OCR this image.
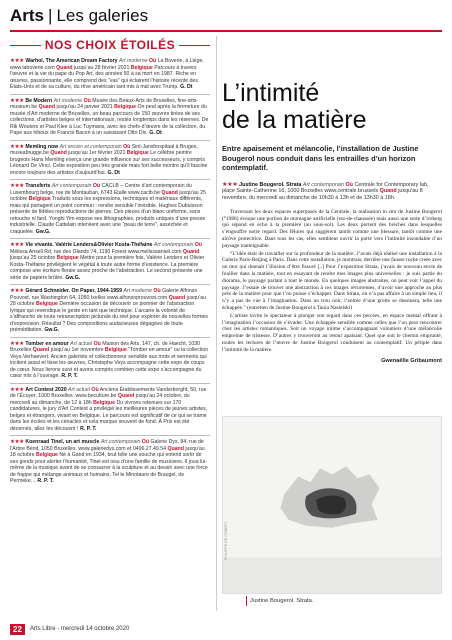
Arts | Les galeries
NOS CHOIX ÉTOILÉS
★★★ Warhol, The American Dream Factory Art moderne Où La Boverie, à Liège, www.laboverie.com Quand jusqu’au 28 février 2021 Belgique Parcours à travers l’œuvre et la vie du pape du Pop Art, des années 50 à sa mort en 1987. Riche en œuvres, passionnante, elle comprend des “vas” qui éclairent l’histoire récente des États-Unis et de sa culture, du rêve américain tant mis à mal avec Trump. G. Dt
★★★ Be Modern Art moderne Où Musée des Beaux-Arts de Bruxelles, fine-arts-museum.be Quand jusqu’au 24 janvier 2021 Belgique On peut après la fermeture du musée d’Art moderne de Bruxelles, un beau parcours de 150 œuvres tirées de ses collections, d’artistes belges et internationaux, restés longtemps dans les réserves. De Rik Wouters et Paul Klee à Luc Tuymans, avec les chefs-d’œuvre de la collection, du Pape aux hiboux de Francis Bacon à un saisissant Otto Dix. G. Dt
★★★ Memling now Art ancien et contemporain Où Sint-Janshospitaal à Bruges, museabrugge.be Quand jusqu’au 1er février 2021 Belgique Le célèbre peintre brugeois Hans Memling exerça une grande influence sur ses successeurs, y compris Léonard De Vinci. Cette exposition peu très grande mais fort belle montre qu’il fascine encore toujours des artistes d’aujourd’hui. G. Dt
★★★ Transferts Art contemporain Où CACLB – Centre d’art contemporain du Luxembourg belge, rue de Montauban, 6743 Étalle www.caclb.be Quand jusqu’au 25 octobre Belgique Traduits sous les expressions, techniques et matériaux différents, mais qui partagent un point commun : rendre sensible l’invisible. Hughes Dubuisson présente de fidèles reproductions de pierres. Des pièces d’un blanc uniforme, sans retouche ni fard. Yonghi Yim expose ses lithographies, produits uniques d’une presse industrielle. Claude Cattelain intervient avec une “peau de terre”, asséchée et craquelée. Gw.G.
★★★ Vie vivante. Valérie Lenders&Olivier Kosta-Théfaine Art contemporain Où Mélissa Ansell Rd, rue des Glands 74, 1190 Forest www.melissaansel.com Quand jusqu’au 25 octobre Belgique Mettre pour la première fois, Valérie Lenders et Olivier Kosta-Théfaine privilégient le végétal à toute autre forme d’existence. La première compose une écriture florale assez proche de l’abstraction. Le second présente une série de papiers brûlés. Gw.G.
★★★ Gérard Schneider. On Paper, 1944-1959 Art moderne Où Galerie Alfonso Pouvost, rue Washington 64, 1050 Ixelles www.alfonsoprouvost.com Quand jusqu’au 28 octobre Belgique Dernière occasion de découvrir ce pionnier de l’abstraction lyrique qui revendique le geste en tant que technique. L’arcane la volonté de s’affranchir de toute retranscription picturale du réel pour explorer de nouvelles formes d’expression. Résultat ? Des compositions audacieuses dégagées de toute préméditation. Gw.G.
★★★ Tomber en amour Art actuel Où Maison des Arts, 147, ch. de Haecht, 1030 Bruxelles Quand jusqu’au 1er novembre Belgique “Tomber en amour” ou la collection Veys-Verhaevert. Ancien galeriste et collectionneur sensible aux mots et serments qui incitent aussi et tisse les œuvres, Christophe Veys accompagne cette expo de coups de cœur. Nous livrons suivi et avons compris combien cette expo s’accompagne du cœur mis à l’ouvrage. R. P. T.
★★★ Art Contest 2020 Art actuel Où Anciens Établissements Vanderborght, 50, rue de l’Écuyer, 1000 Bruxelles. www.beculture.be Quand jusqu’au 24 octobre, du mercredi au dimanche, de 12 à 18h Belgique Du vivrons retenues sur 170 candidatures, le jury d’Art Contest a privilégié les meilleures pièces de jeunes artistes, belges et étrangers, vivant en Belgique. Le parcours est significatif de ce qui se trame dans les écoles et les cénacles et cela marque souvent de fond. À Prix est été décernés, allez les découvrir ! R. P. T.
★★★ Koenraad Tinel, un art muscle Art contemporain Où Galerie Dys, 84, rue de l’Arbre Bénit, 1050 Bruxelles. www.galeriedys.com et 0496.27.49.54 Quand jusqu’au 18 octobre Belgique Né à Gand en 1934, brut telle une souche qui entend sortir de ses gonds pour alerter l’humanité, Tinel est issu d’une famille de musiciens. Il joua lui-même de la musique avant de se consacrer à la sculpture et au dessin avec une force de frappe qui mélange animaux et humains. Tel le Minotaure de Braugel, de Permeke… R. P. T.
L’intimité
de la matière
Entre apaisement et mélancolie, l’installation de Justine Bougerol nous conduit dans les entrailles d’un horizon contemplatif.
★★★ Justine Bougerol. Strata Art contemporain Où Centrale for Contemporary lab, place Sainte-Catherine 16, 1000 Bruxelles www.centrale.brussels Quand jusqu’au 8 novembre, du mercredi au dimanche de 10h30 à 13h et de 13h30 à 18h.

Traversant les deux espaces superposés de la Centrale, la réalisation in situ de Justine Bougerol (°1988) évoque une portion de montagne artificielle (rez-de-chaussée) mais aussi une sorte d’iceberg qui répond en écho à la première (au sous-sol). Les deux portent des brèches dans lesquelles s’engouffre notre regard. Des fêlures qui suggèrent tantôt comme une blessure, tantôt comme une alcôve protectrice. Dans tous les cas, elles semblent ouvrir la porte vers l’intimité insondable d’un paysage inatteignable.

“L’idée était de travailler sur la profondeur de la matière. J’avais déjà réalisé une installation à la Galerie Paris-Beijing à Paris. Dans cette installation, je montrais, derrière une fausse roche creée avec un mur qui donnait l’illusion d’être fissuré [..] Pour l’exposition Strata, j’avais de nouveau envie de fouiller dans la matière, tout en essayant de rendre mes images plus universelles : je suis partie du diorama, le paysage parlant à tout le monde. En quelques images abstraites, on peut voir l’appel du paysage. J’essaie de trouver une abstraction à ces images récurrentes, d’avoir une approche au plus près de la matière pour que l’on puisse s’échapper. Dans Strata, on n’a pas affaire à un simple lieu, il n’y a pas de vue à l’imagination. Dans un trou noir, l’entrée d’une grotte se dessinera, telle une échappée.” (entretien de Justine Bougerol à Tania Nasielski)

L’artiste invite le spectateur à plonger son regard dans ces percées, en espace mental offrant à l’imagination l’occasion de s’évader. Une échappée sensible comme celles que l’on peut rencontrer chez les artistes romantiques. Soit un voyage intime s’accompagnant volontiers d’une mélancolie empreinte de tristesse. D’autres y trouveront au retour apaisant. Quel que soit le chemin emprunté, toutes les lectures de l’œuvre de Justine Bougerol conduisent au contemplatif. Un périple dans l’intimité de la matière.

Gwenaëlle Gribaumont
PHILIPPE DE GOBERT
Justine Bougerol. Strata.
22	Arts Libre - mercredi 14 octobre 2020
